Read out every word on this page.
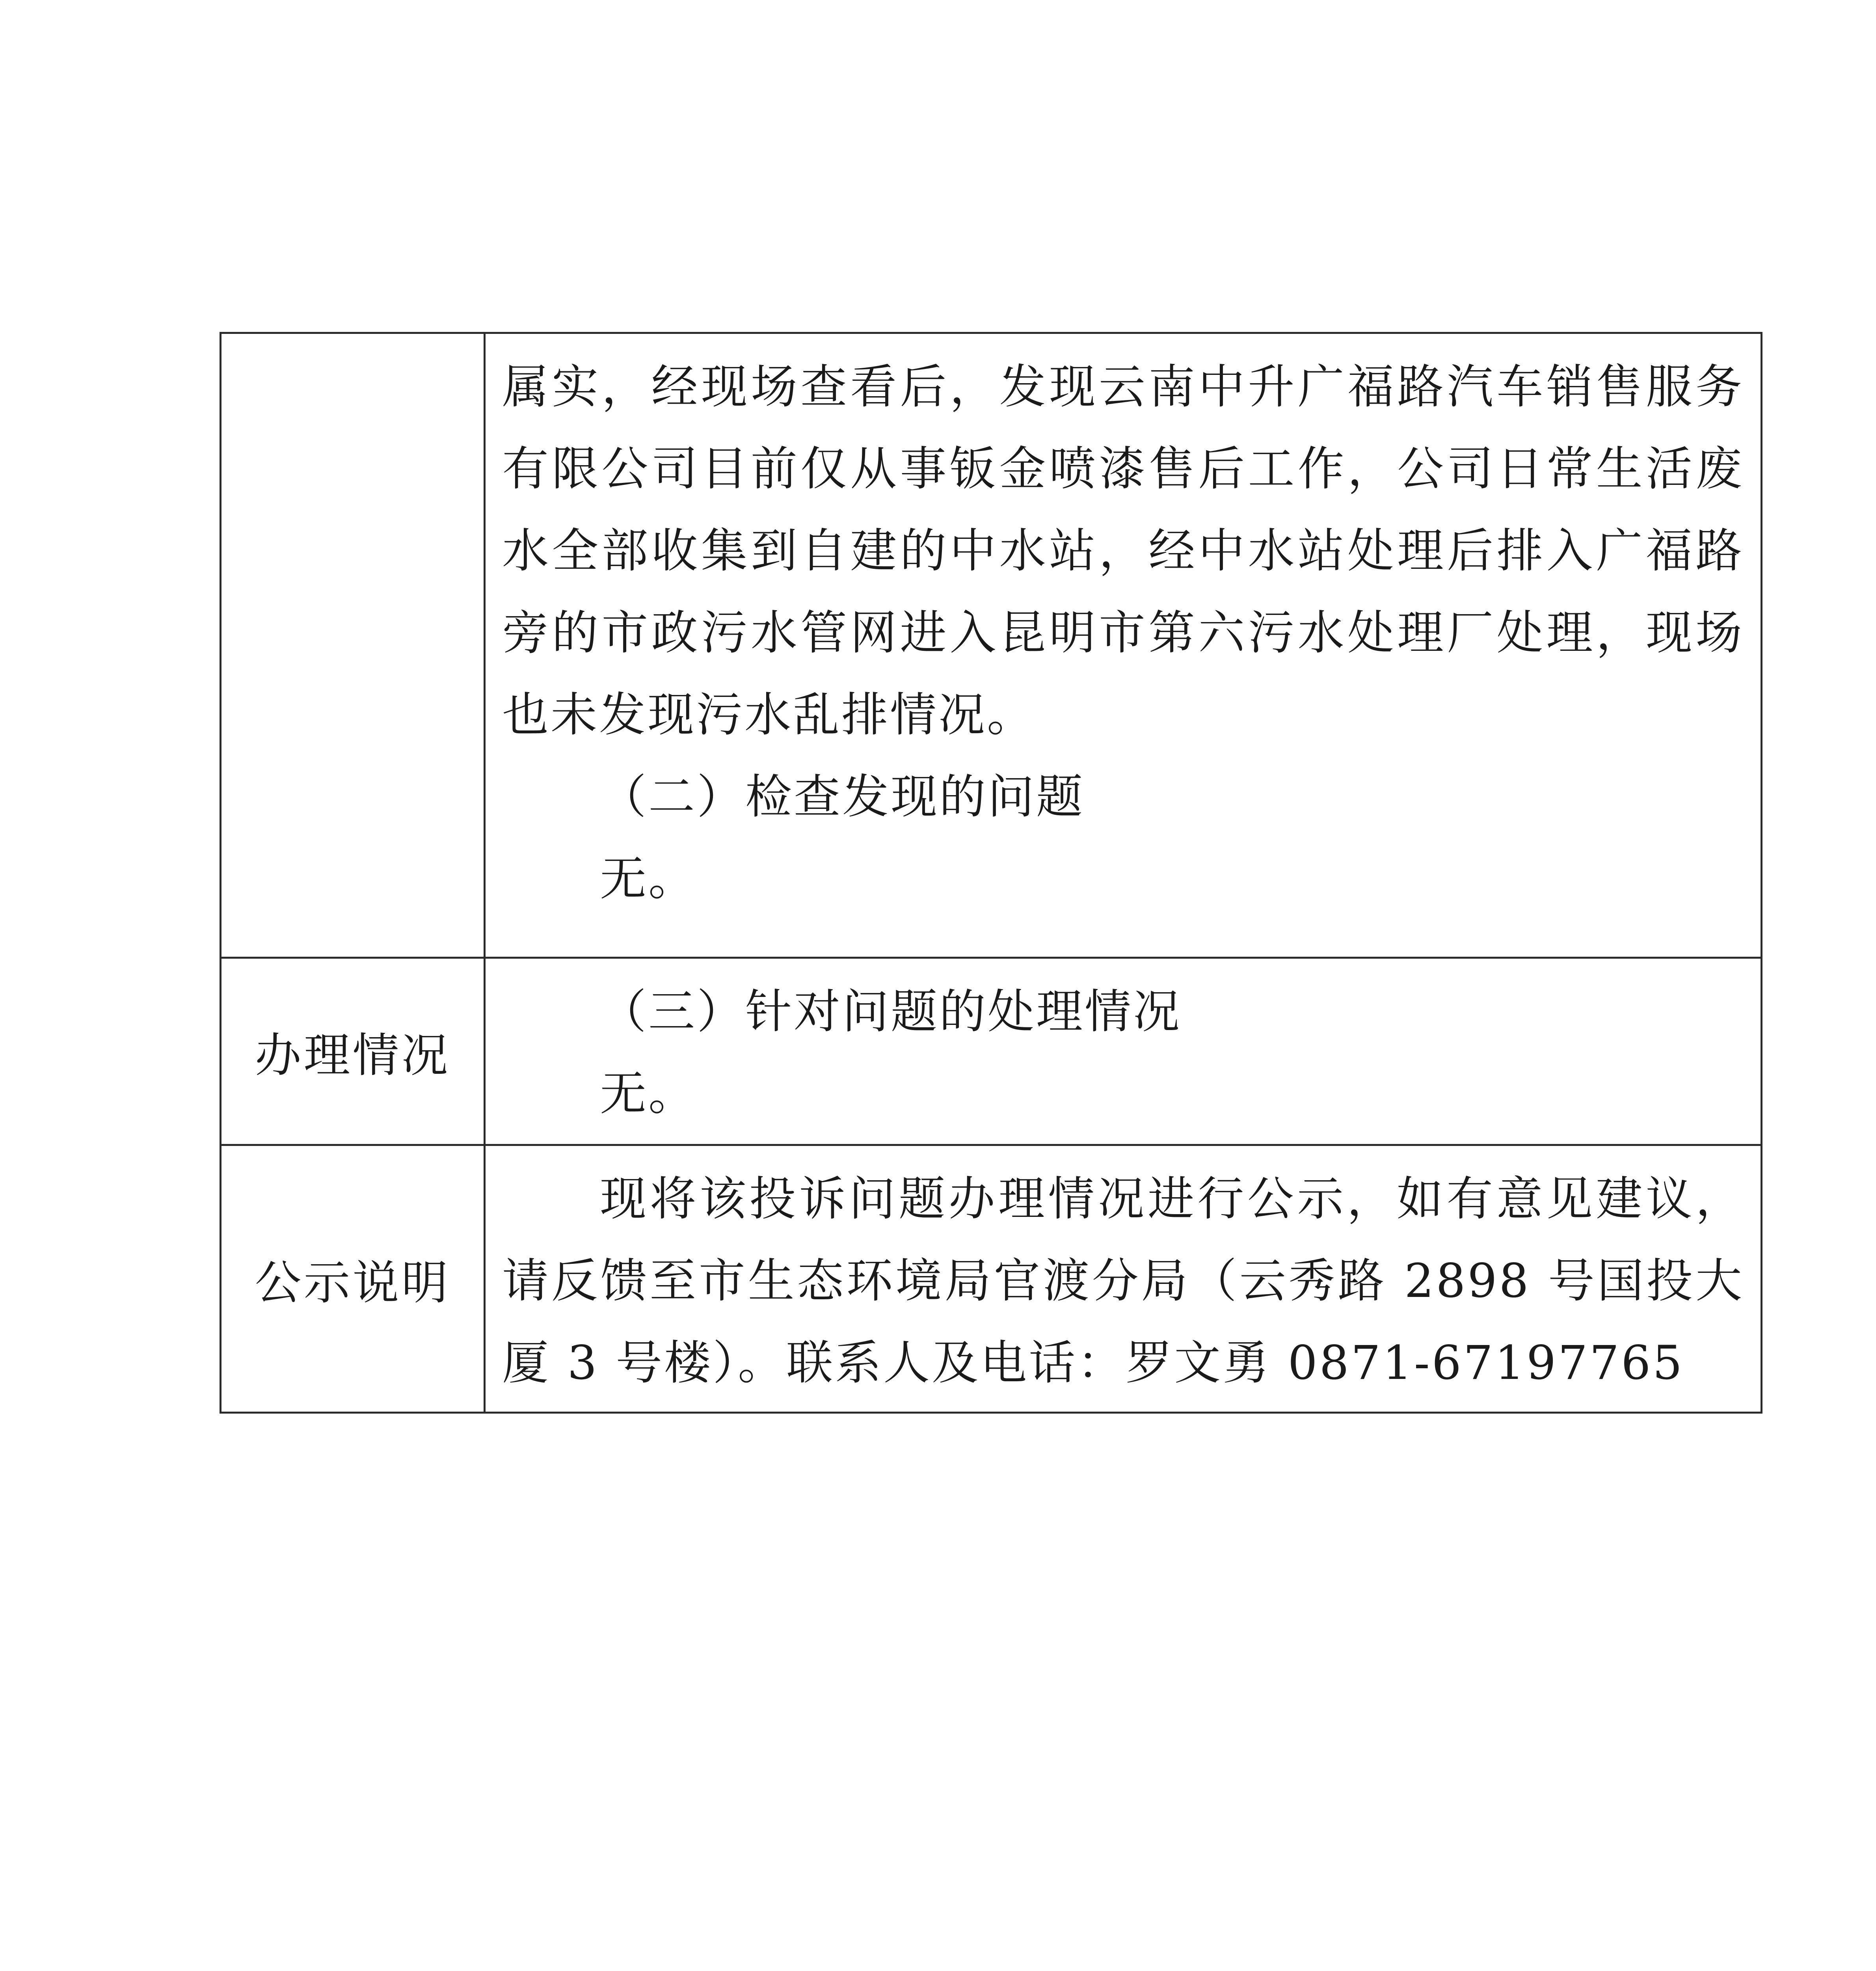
	属实，经现场查看后，发现云南中升广福路汽车销售服务有限公司目前仅从事钣金喷漆售后工作，公司日常生活废水全部收集到自建的中水站，经中水站处理后排入广福路旁的市政污水管网进入昆明市第六污水处理厂处理，现场也未发现污水乱排情况。

（二）检查发现的问题

无。

办理情况	（三）针对问题的处理情况

无。

公示说明	现将该投诉问题办理情况进行公示，如有意见建议，请反馈至市生态环境局官渡分局（云秀路 2898 号国投大厦 3 号楼）。联系人及电话：罗文勇 0871-67197765
